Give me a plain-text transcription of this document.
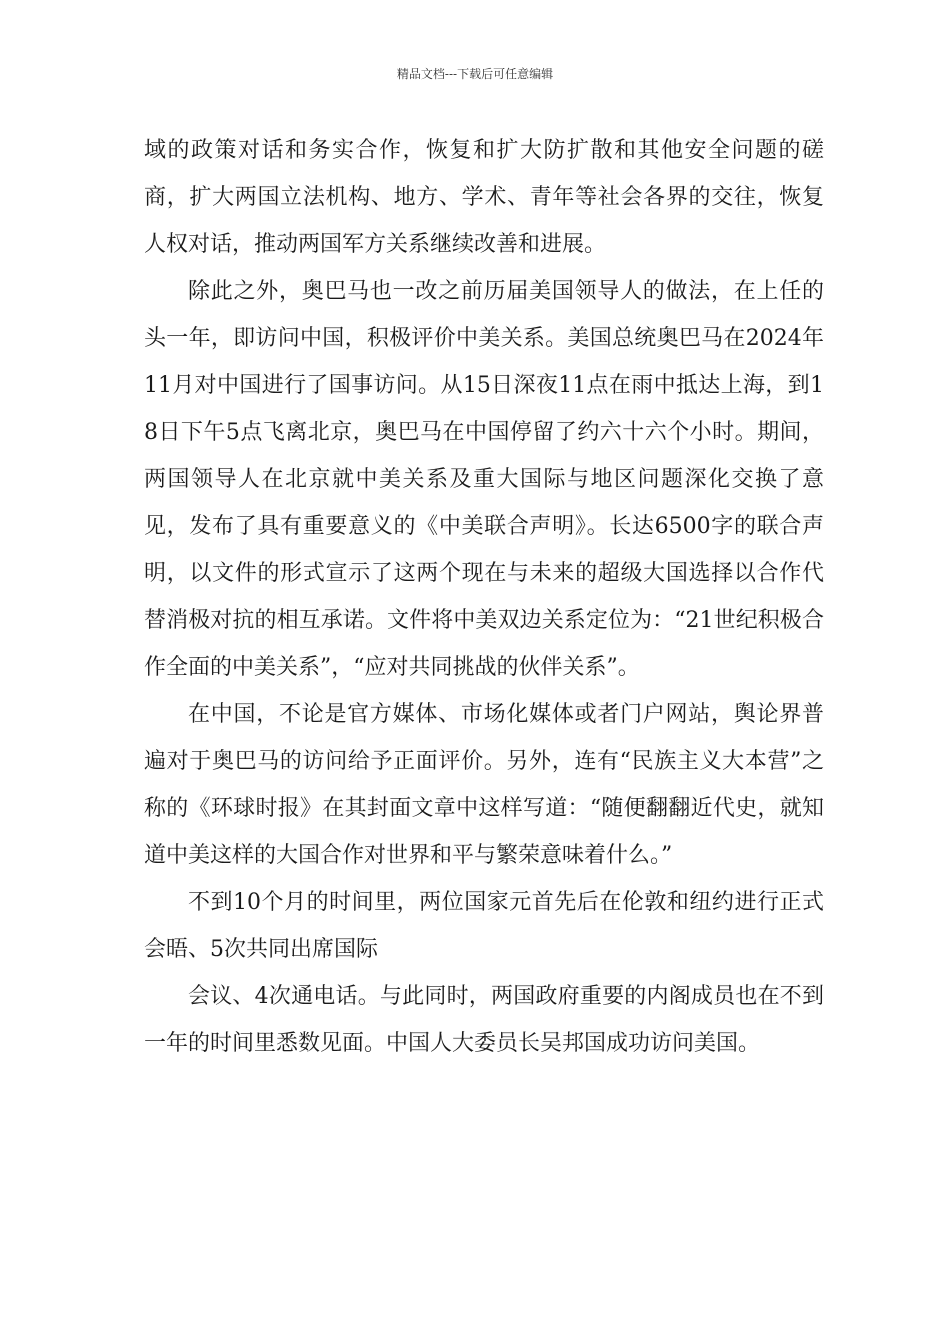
精品文档---下载后可任意编辑

域的政策对话和务实合作，恢复和扩大防扩散和其他安全问题的磋商，扩大两国立法机构、地方、学术、青年等社会各界的交往，恢复人权对话，推动两国军方关系继续改善和进展。

除此之外，奥巴马也一改之前历届美国领导人的做法，在上任的头一年，即访问中国，积极评价中美关系。美国总统奥巴马在2024年11月对中国进行了国事访问。从15日深夜11点在雨中抵达上海，到18日下午5点飞离北京，奥巴马在中国停留了约六十六个小时。期间，两国领导人在北京就中美关系及重大国际与地区问题深化交换了意见，发布了具有重要意义的《中美联合声明》。长达6500字的联合声明，以文件的形式宣示了这两个现在与未来的超级大国选择以合作代替消极对抗的相互承诺。文件将中美双边关系定位为：“21世纪积极合作全面的中美关系”，“应对共同挑战的伙伴关系”。

在中国，不论是官方媒体、市场化媒体或者门户网站，舆论界普遍对于奥巴马的访问给予正面评价。另外，连有“民族主义大本营”之称的《环球时报》在其封面文章中这样写道：“随便翻翻近代史，就知道中美这样的大国合作对世界和平与繁荣意味着什么。”

不到10个月的时间里，两位国家元首先后在伦敦和纽约进行正式会晤、5次共同出席国际

会议、4次通电话。与此同时，两国政府重要的内阁成员也在不到一年的时间里悉数见面。中国人大委员长吴邦国成功访问美国。
